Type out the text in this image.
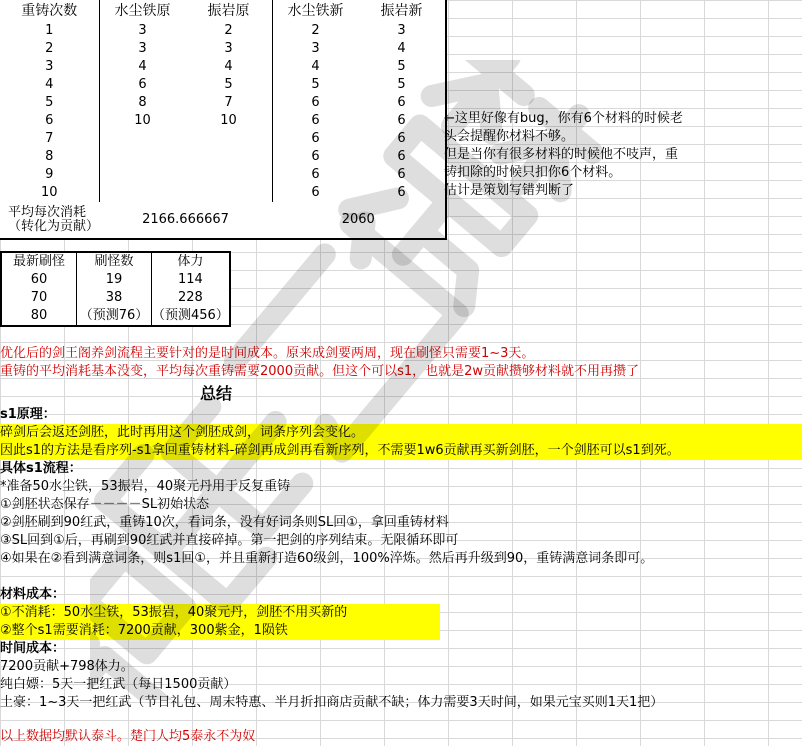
重铸次数	水尘铁原	振岩原	水尘铁新	振岩新
1	3	2	2	3
2	3	3	3	4
3	4	4	4	5
4	6	5	5	5
5	8	7	6	6
6	10	10	6	6
7			6	6
8			6	6
9			6	6
10			6	6

平均每次消耗
（转化为贡献）	2166.666667		2060	
←这里好像有bug，你有6个材料的时候老
头会提醒你材料不够。
但是当你有很多材料的时候他不吱声，重
铸扣除的时候只扣你6个材料。
估计是策划写错判断了
最新刷怪	刷怪数	体力
60	19	114
70	38	228
80	（预测76）	（预测456）
优化后的剑王阁养剑流程主要针对的是时间成本。原来成剑要两周，现在刷怪只需要1~3天。
重铸的平均消耗基本没变，平均每次重铸需要2000贡献。但这个可以s1，也就是2w贡献攒够材料就不用再攒了
总结
s1原理：
碎剑后会返还剑胚，此时再用这个剑胚成剑，词条序列会变化。
因此s1的方法是看序列-s1拿回重铸材料-碎剑再成剑再看新序列，不需要1w6贡献再买新剑胚，一个剑胚可以s1到死。
具体s1流程：
*准备50水尘铁，53振岩，40聚元丹用于反复重铸
①剑胚状态保存－－－－SL初始状态
②剑胚刷到90红武，重铸10次，看词条，没有好词条则SL回①，拿回重铸材料
③SL回到①后，再刷到90红武并直接碎掉。第一把剑的序列结束。无限循环即可
④如果在②看到满意词条，则s1回①，并且重新打造60级剑，100%淬炼。然后再升级到90，重铸满意词条即可。
材料成本：
①不消耗：50水尘铁，53振岩，40聚元丹，剑胚不用买新的
②整个s1需要消耗：7200贡献，300紫金，1陨铁
时间成本：
7200贡献+798体力。
纯白嫖：5天一把红武（每日1500贡献）
土豪：1~3天一把红武（节日礼包、周末特惠、半月折扣商店贡献不缺；体力需要3天时间，如果元宝买则1天1把）
以上数据均默认泰斗。楚门人均5泰永不为奴
